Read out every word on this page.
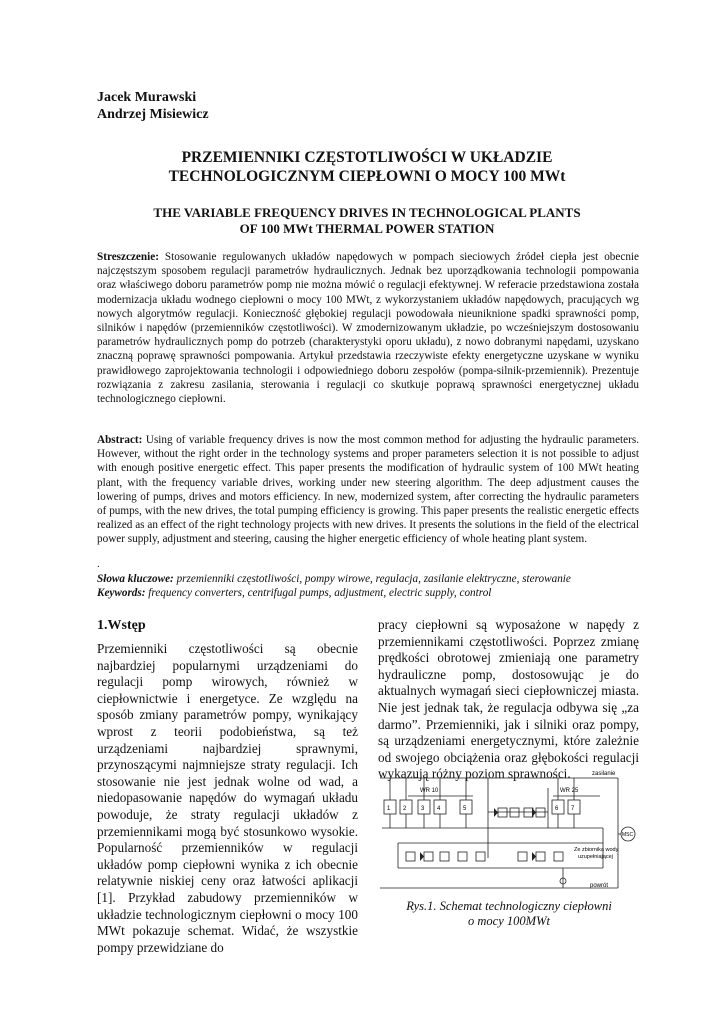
Jacek Murawski
Andrzej Misiewicz
PRZEMIENNIKI CZĘSTOTLIWOŚCI W UKŁADZIE
TECHNOLOGICZNYM CIEPŁOWNI O MOCY 100 MWt
THE VARIABLE FREQUENCY DRIVES IN TECHNOLOGICAL PLANTS
OF 100 MWt THERMAL POWER STATION
Streszczenie: Stosowanie regulowanych układów napędowych w pompach sieciowych źródeł ciepła jest obecnie najczęstszym sposobem regulacji parametrów hydraulicznych. Jednak bez uporządkowania technologii pompowania oraz właściwego doboru parametrów pomp nie można mówić o regulacji efektywnej. W referacie przedstawiona została modernizacja układu wodnego ciepłowni o mocy 100 MWt, z wykorzystaniem układów napędowych, pracujących wg nowych algorytmów regulacji. Konieczność głębokiej regulacji powodowała nieuniknione spadki sprawności pomp, silników i napędów (przemienników częstotliwości). W zmodernizowanym układzie, po wcześniejszym dostosowaniu parametrów hydraulicznych pomp do potrzeb (charakterystyki oporu układu), z nowo dobranymi napędami, uzyskano znaczną poprawę sprawności pompowania. Artykuł przedstawia rzeczywiste efekty energetyczne uzyskane w wyniku prawidłowego zaprojektowania technologii i odpowiedniego doboru zespołów (pompa-silnik-przemiennik). Prezentuje rozwiązania z zakresu zasilania, sterowania i regulacji co skutkuje poprawą sprawności energetycznej układu technologicznego ciepłowni.
Abstract: Using of variable frequency drives is now the most common method for adjusting the hydraulic parameters. However, without the right order in the technology systems and proper parameters selection it is not possible to adjust with enough positive energetic effect. This paper presents the modification of hydraulic system of 100 MWt heating plant, with the frequency variable drives, working under new steering algorithm. The deep adjustment causes the lowering of pumps, drives and motors efficiency. In new, modernized system, after correcting the hydraulic parameters of pumps, with the new drives, the total pumping efficiency is growing. This paper presents the realistic energetic effects realized as an effect of the right technology projects with new drives. It presents the solutions in the field of the electrical power supply, adjustment and steering, causing the higher energetic efficiency of whole heating plant system.
.
Słowa kluczowe: przemienniki częstotliwości, pompy wirowe, regulacja, zasilanie elektryczne, sterowanie
Keywords: frequency converters, centrifugal pumps, adjustment, electric supply, control
1.Wstęp
Przemienniki częstotliwości są obecnie najbardziej popularnymi urządzeniami do regulacji pomp wirowych, również w ciepłownictwie i energetyce. Ze względu na sposób zmiany parametrów pompy, wynikający wprost z teorii podobieństwa, są też urządzeniami najbardziej sprawnymi, przynoszącymi najmniejsze straty regulacji. Ich stosowanie nie jest jednak wolne od wad, a niedopasowanie napędów do wymagań układu powoduje, że straty regulacji układów z przemiennikami mogą być stosunkowo wysokie. Popularność przemienników w regulacji układów pomp ciepłowni wynika z ich obecnie relatywnie niskiej ceny oraz łatwości aplikacji [1]. Przykład zabudowy przemienników w układzie technologicznym ciepłowni o mocy 100 MWt pokazuje schemat. Widać, że wszystkie pompy przewidziane do
pracy ciepłowni są wyposażone w napędy z przemiennikami częstotliwości. Poprzez zmianę prędkości obrotowej zmieniają one parametry hydrauliczne pomp, dostosowując je do aktualnych wymagań sieci ciepłowniczej miasta. Nie jest jednak tak, że regulacja odbywa się „za darmo”. Przemienniki, jak i silniki oraz pompy, są urządzeniami energetycznymi, które zależnie od swojego obciążenia oraz głębokości regulacji wykazują różny poziom sprawności.	zasilanie
WR 10	WR 25
MSC
Ze zbiornika wody
uzupełniającej
powrót
1 2 3 4	5	6 7
Rys.1. Schemat technologiczny ciepłowni
o mocy 100MWt
